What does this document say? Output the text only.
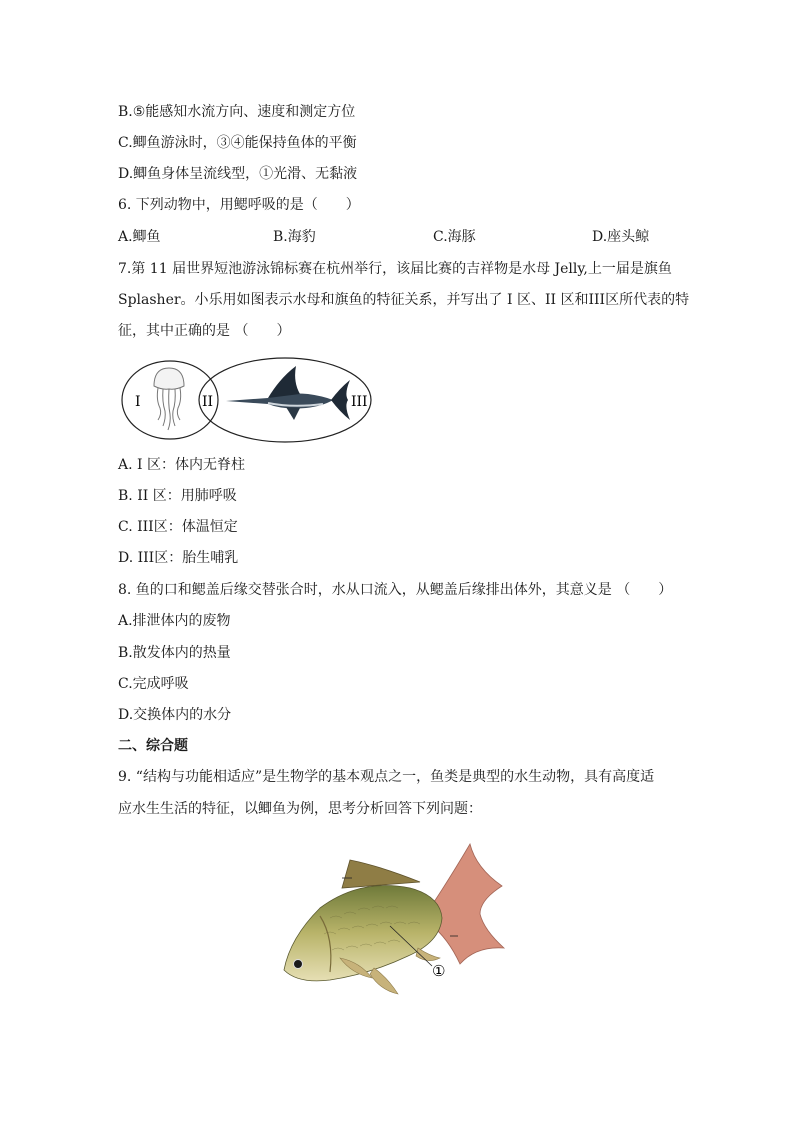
B.⑤能感知水流方向、速度和测定方位
C.鲫鱼游泳时，③④能保持鱼体的平衡
D.鲫鱼身体呈流线型，①光滑、无黏液
6. 下列动物中，用鳃呼吸的是（　　）
A.鲫鱼	B.海豹	C.海豚	D.座头鲸
7.第 11 届世界短池游泳锦标赛在杭州举行，该届比赛的吉祥物是水母 Jelly,上一届是旗鱼
Splasher。小乐用如图表示水母和旗鱼的特征关系，并写出了 I 区、II 区和III区所代表的特
征，其中正确的是 （　　）
I	II	III
A. I 区：体内无脊柱
B. II 区：用肺呼吸
C. III区：体温恒定
D. III区：胎生哺乳
8. 鱼的口和鳃盖后缘交替张合时，水从口流入，从鳃盖后缘排出体外，其意义是 （　　）
A.排泄体内的废物
B.散发体内的热量
C.完成呼吸
D.交换体内的水分
二、综合题
9. “结构与功能相适应”是生物学的基本观点之一，鱼类是典型的水生动物，具有高度适
应水生生活的特征，以鲫鱼为例，思考分析回答下列问题：
①
